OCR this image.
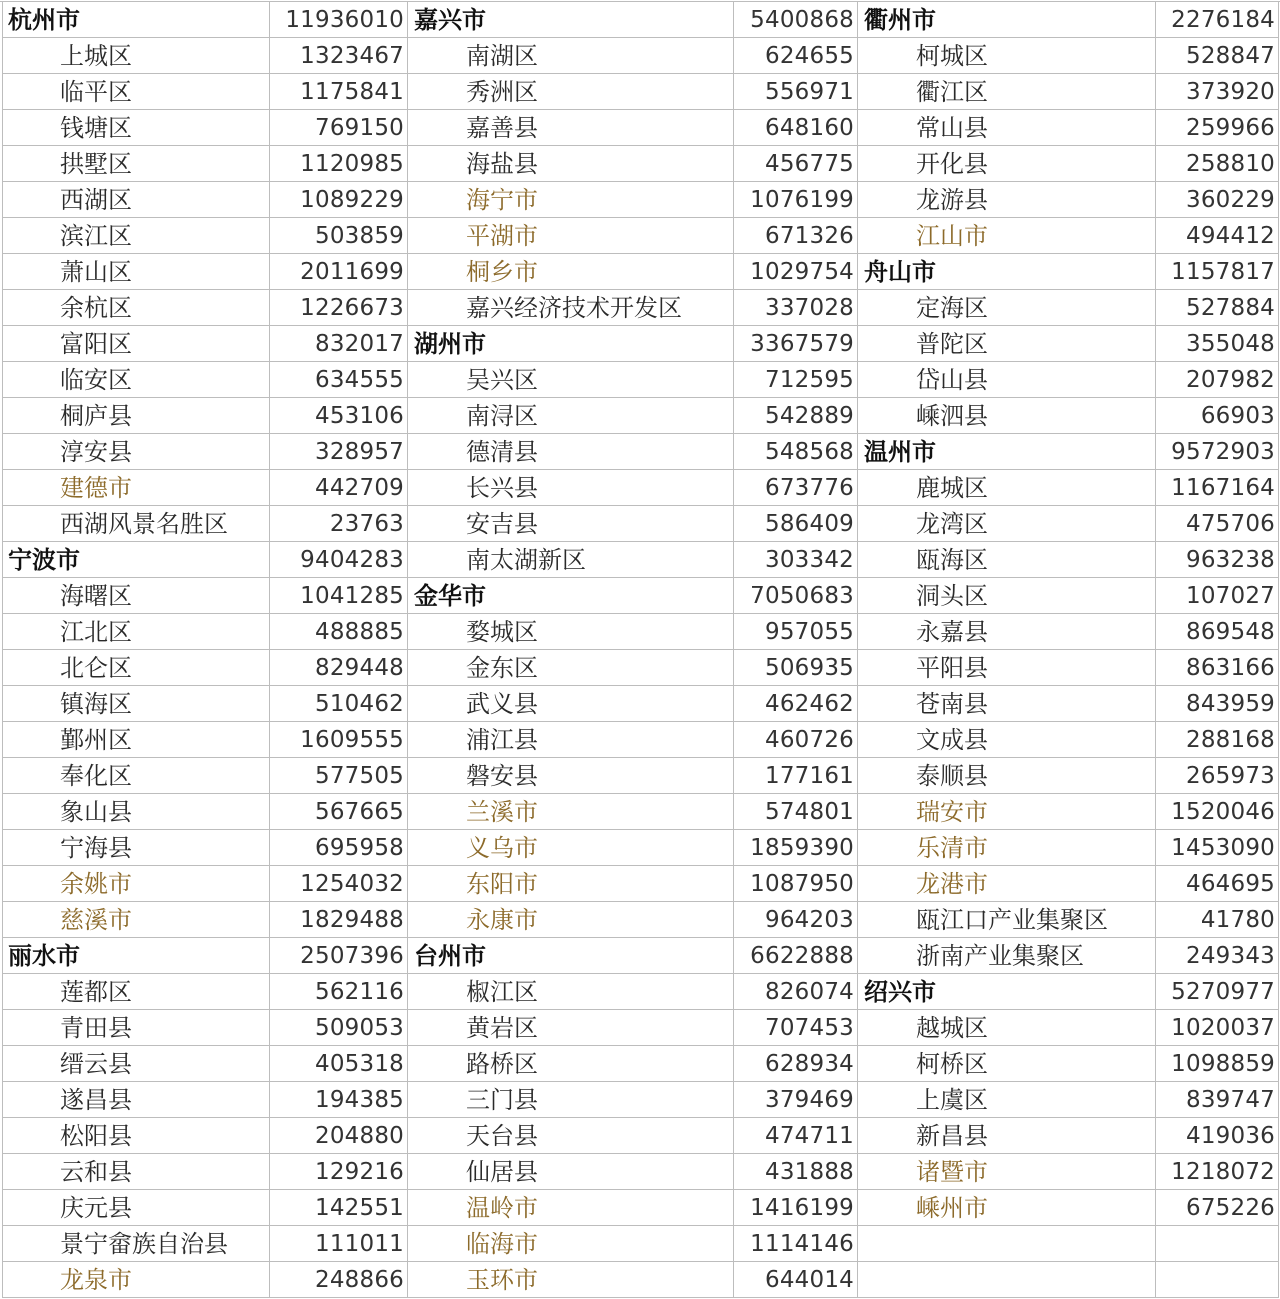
杭州市	11936010
上城区	1323467
临平区	1175841
钱塘区	769150
拱墅区	1120985
西湖区	1089229
滨江区	503859
萧山区	2011699
余杭区	1226673
富阳区	832017
临安区	634555
桐庐县	453106
淳安县	328957
建德市	442709
西湖风景名胜区	23763
宁波市	9404283
海曙区	1041285
江北区	488885
北仑区	829448
镇海区	510462
鄞州区	1609555
奉化区	577505
象山县	567665
宁海县	695958
余姚市	1254032
慈溪市	1829488
丽水市	2507396
莲都区	562116
青田县	509053
缙云县	405318
遂昌县	194385
松阳县	204880
云和县	129216
庆元县	142551
景宁畲族自治县	111011
龙泉市	248866
嘉兴市	5400868
南湖区	624655
秀洲区	556971
嘉善县	648160
海盐县	456775
海宁市	1076199
平湖市	671326
桐乡市	1029754
嘉兴经济技术开发区	337028
湖州市	3367579
吴兴区	712595
南浔区	542889
德清县	548568
长兴县	673776
安吉县	586409
南太湖新区	303342
金华市	7050683
婺城区	957055
金东区	506935
武义县	462462
浦江县	460726
磐安县	177161
兰溪市	574801
义乌市	1859390
东阳市	1087950
永康市	964203
台州市	6622888
椒江区	826074
黄岩区	707453
路桥区	628934
三门县	379469
天台县	474711
仙居县	431888
温岭市	1416199
临海市	1114146
玉环市	644014
衢州市	2276184
柯城区	528847
衢江区	373920
常山县	259966
开化县	258810
龙游县	360229
江山市	494412
舟山市	1157817
定海区	527884
普陀区	355048
岱山县	207982
嵊泗县	66903
温州市	9572903
鹿城区	1167164
龙湾区	475706
瓯海区	963238
洞头区	107027
永嘉县	869548
平阳县	863166
苍南县	843959
文成县	288168
泰顺县	265973
瑞安市	1520046
乐清市	1453090
龙港市	464695
瓯江口产业集聚区	41780
浙南产业集聚区	249343
绍兴市	5270977
越城区	1020037
柯桥区	1098859
上虞区	839747
新昌县	419036
诸暨市	1218072
嵊州市	675226
